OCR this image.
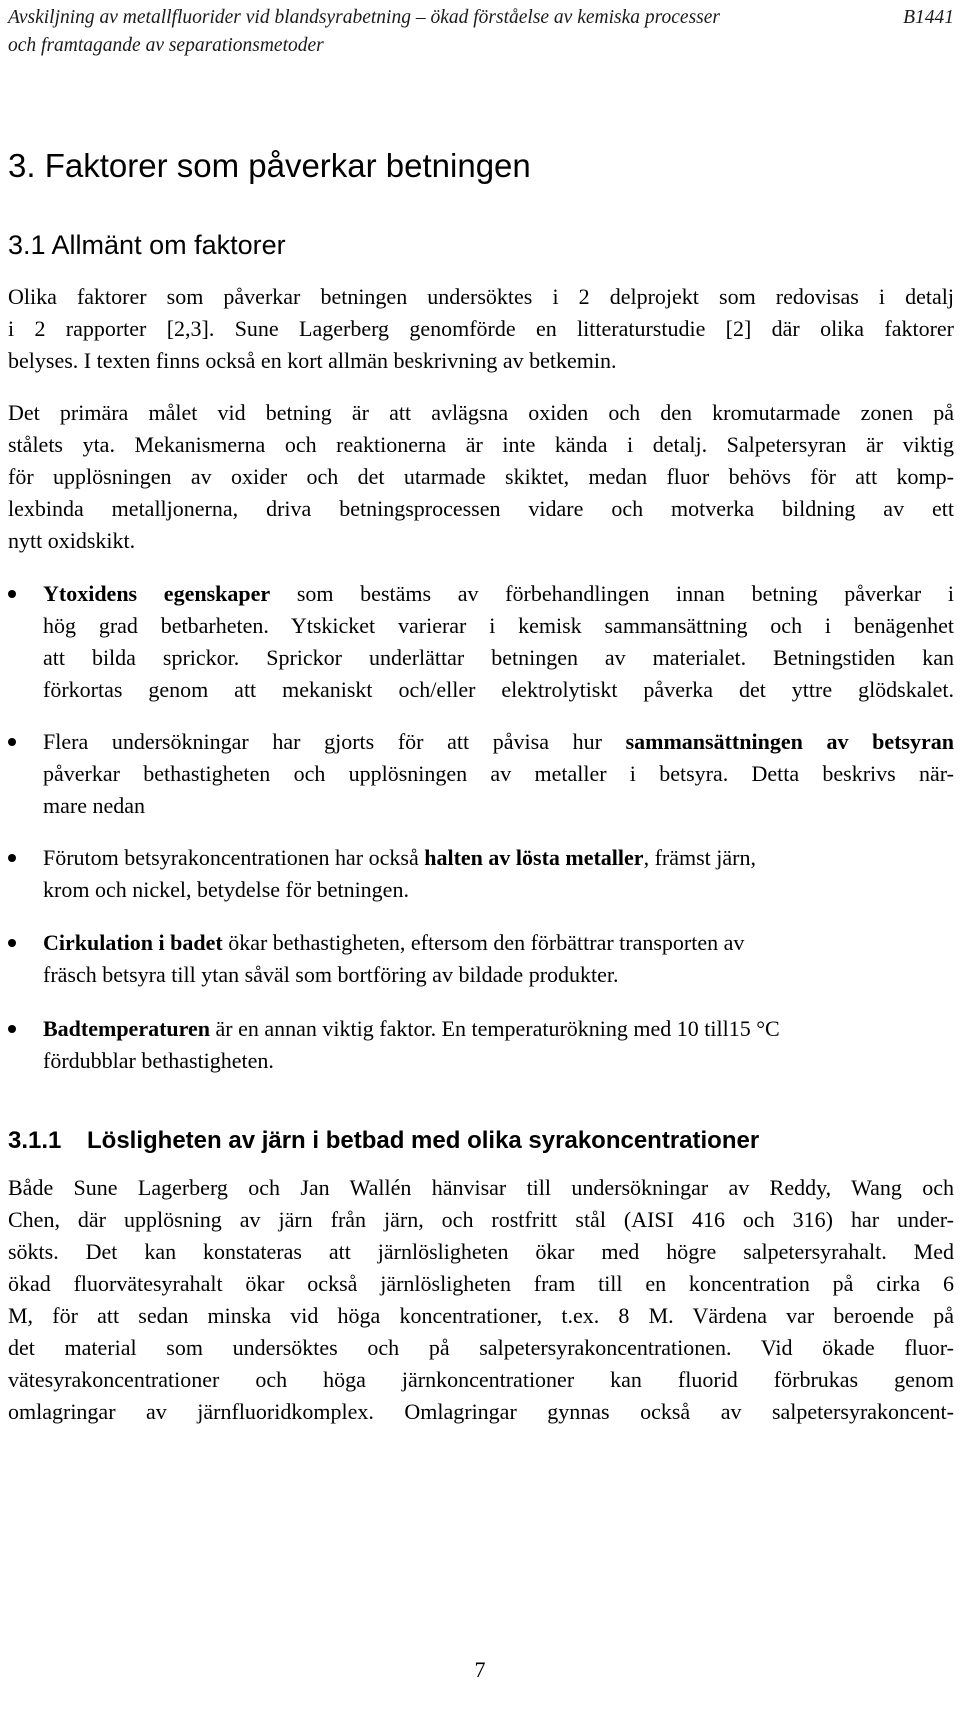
Avskiljning av metallfluorider vid blandsyrabetning – ökad förståelse av kemiska processer	B1441
och framtagande av separationsmetoder
3. Faktorer som påverkar betningen
3.1 Allmänt om faktorer
Olika faktorer som påverkar betningen undersöktes i 2 delprojekt som redovisas i detalj
i 2 rapporter [2,3]. Sune Lagerberg genomförde en litteraturstudie [2] där olika faktorer
belyses. I texten finns också en kort allmän beskrivning av betkemin.
Det primära målet vid betning är att avlägsna oxiden och den kromutarmade zonen på
stålets yta. Mekanismerna och reaktionerna är inte kända i detalj. Salpetersyran är viktig
för upplösningen av oxider och det utarmade skiktet, medan fluor behövs för att komp-
lexbinda metalljonerna, driva betningsprocessen vidare och motverka bildning av ett
nytt oxidskikt.
Ytoxidens egenskaper som bestäms av förbehandlingen innan betning påverkar i
hög grad betbarheten. Ytskicket varierar i kemisk sammansättning och i benägenhet
att bilda sprickor. Sprickor underlättar betningen av materialet. Betningstiden kan
förkortas genom att mekaniskt och/eller elektrolytiskt påverka det yttre glödskalet.
Flera undersökningar har gjorts för att påvisa hur sammansättningen av betsyran
påverkar bethastigheten och upplösningen av metaller i betsyra. Detta beskrivs när-
mare nedan
Förutom betsyrakoncentrationen har också halten av lösta metaller, främst järn,
krom och nickel, betydelse för betningen.
Cirkulation i badet ökar bethastigheten, eftersom den förbättrar transporten av
fräsch betsyra till ytan såväl som bortföring av bildade produkter.
Badtemperaturen är en annan viktig faktor. En temperaturökning med 10 till15 °C
fördubblar bethastigheten.
3.1.1 Lösligheten av järn i betbad med olika syrakoncentrationer
Både Sune Lagerberg och Jan Wallén hänvisar till undersökningar av Reddy, Wang och
Chen, där upplösning av järn från järn, och rostfritt stål (AISI 416 och 316) har under-
sökts. Det kan konstateras att järnlösligheten ökar med högre salpetersyrahalt. Med
ökad fluorvätesyrahalt ökar också järnlösligheten fram till en koncentration på cirka 6
M, för att sedan minska vid höga koncentrationer, t.ex. 8 M. Värdena var beroende på
det material som undersöktes och på salpetersyrakoncentrationen. Vid ökade fluor-
vätesyrakoncentrationer och höga järnkoncentrationer kan fluorid förbrukas genom
omlagringar av järnfluoridkomplex. Omlagringar gynnas också av salpetersyrakoncent-
7
